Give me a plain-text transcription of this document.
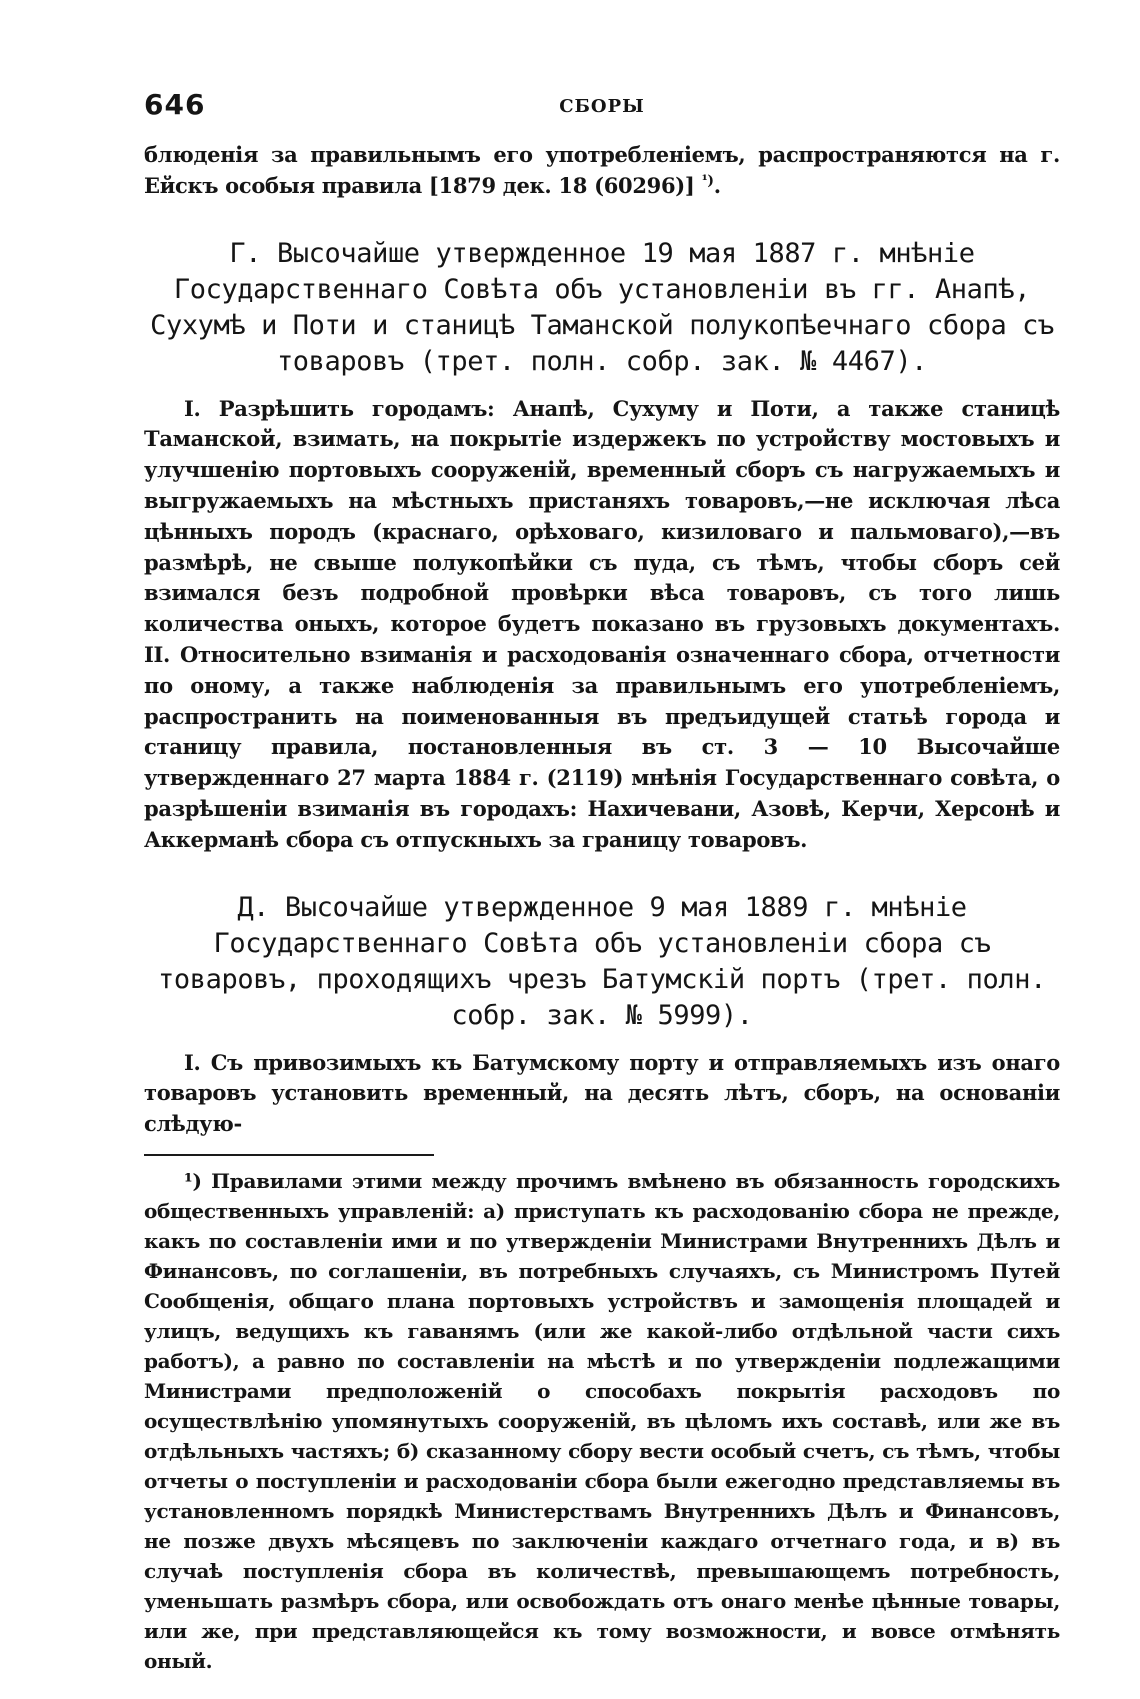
646	СБОРЫ

блюденія за правильнымъ его употребленіемъ, распространяются на г. Ейскъ особыя правила [1879 дек. 18 (60296)] $^{^1)}$.

Г. Высочайше утвержденное 19 мая 1887 г. мнѣніе Государственнаго Совѣта объ установленіи въ гг. Анапѣ, Сухумѣ и Поти и станицѣ Таманской полукопѣечнаго сбора съ товаровъ (трет. полн. собр. зак. № 4467).

I. Разрѣшить городамъ: Анапѣ, Сухуму и Поти, а также станицѣ Таманской, взимать, на покрытіе издержекъ по устройству мостовыхъ и улучшенію портовыхъ сооруженій, временный сборъ съ нагружаемыхъ и выгружаемыхъ на мѣстныхъ пристаняхъ товаровъ,—не исключая лѣса цѣнныхъ породъ (краснаго, орѣховаго, кизиловаго и пальмоваго),—въ размѣрѣ, не свыше полукопѣйки съ пуда, съ тѣмъ, чтобы сборъ сей взимался безъ подробной провѣрки вѣса товаровъ, съ того лишь количества оныхъ, которое будетъ показано въ грузовыхъ документахъ. II. Относительно взиманія и расходованія означеннаго сбора, отчетности по оному, а также наблюденія за правильнымъ его употребленіемъ, распространить на поименованныя въ предъидущей статьѣ города и станицу правила, постановленныя въ ст. 3 — 10 Высочайше утвержденнаго 27 марта 1884 г. (2119) мнѣнія Государственнаго совѣта, о разрѣшеніи взиманія въ городахъ: Нахичевани, Азовѣ, Керчи, Херсонѣ и Аккерманѣ сбора съ отпускныхъ за границу товаровъ.

Д. Высочайше утвержденное 9 мая 1889 г. мнѣніе Государственнаго Совѣта объ установленіи сбора съ товаровъ, проходящихъ чрезъ Батумскій портъ (трет. полн. собр. зак. № 5999).

I. Съ привозимыхъ къ Батумскому порту и отправляемыхъ изъ онаго товаровъ установить временный, на десять лѣтъ, сборъ, на основаніи слѣдую-

¹) Правилами этими между прочимъ вмѣнено въ обязанность городскихъ общественныхъ управленій: а) приступать къ расходованію сбора не прежде, какъ по составленіи ими и по утвержденіи Министрами Внутреннихъ Дѣлъ и Финансовъ, по соглашеніи, въ потребныхъ случаяхъ, съ Министромъ Путей Сообщенія, общаго плана портовыхъ устройствъ и замощенія площадей и улицъ, ведущихъ къ гаванямъ (или же какой-либо отдѣльной части сихъ работъ), а равно по составленіи на мѣстѣ и по утвержденіи подлежащими Министрами предположеній о способахъ покрытія расходовъ по осуществлѣнію упомянутыхъ сооруженій, въ цѣломъ ихъ составѣ, или же въ отдѣльныхъ частяхъ; б) сказанному сбору вести особый счетъ, съ тѣмъ, чтобы отчеты о поступленіи и расходованіи сбора были ежегодно представляемы въ установленномъ порядкѣ Министерствамъ Внутреннихъ Дѣлъ и Финансовъ, не позже двухъ мѣсяцевъ по заключеніи каждаго отчетнаго года, и в) въ случаѣ поступленія сбора въ количествѣ, превышающемъ потребность, уменьшать размѣръ сбора, или освобождать отъ онаго менѣе цѣнные товары, или же, при представляющейся къ тому возможности, и вовсе отмѣнять оный.
